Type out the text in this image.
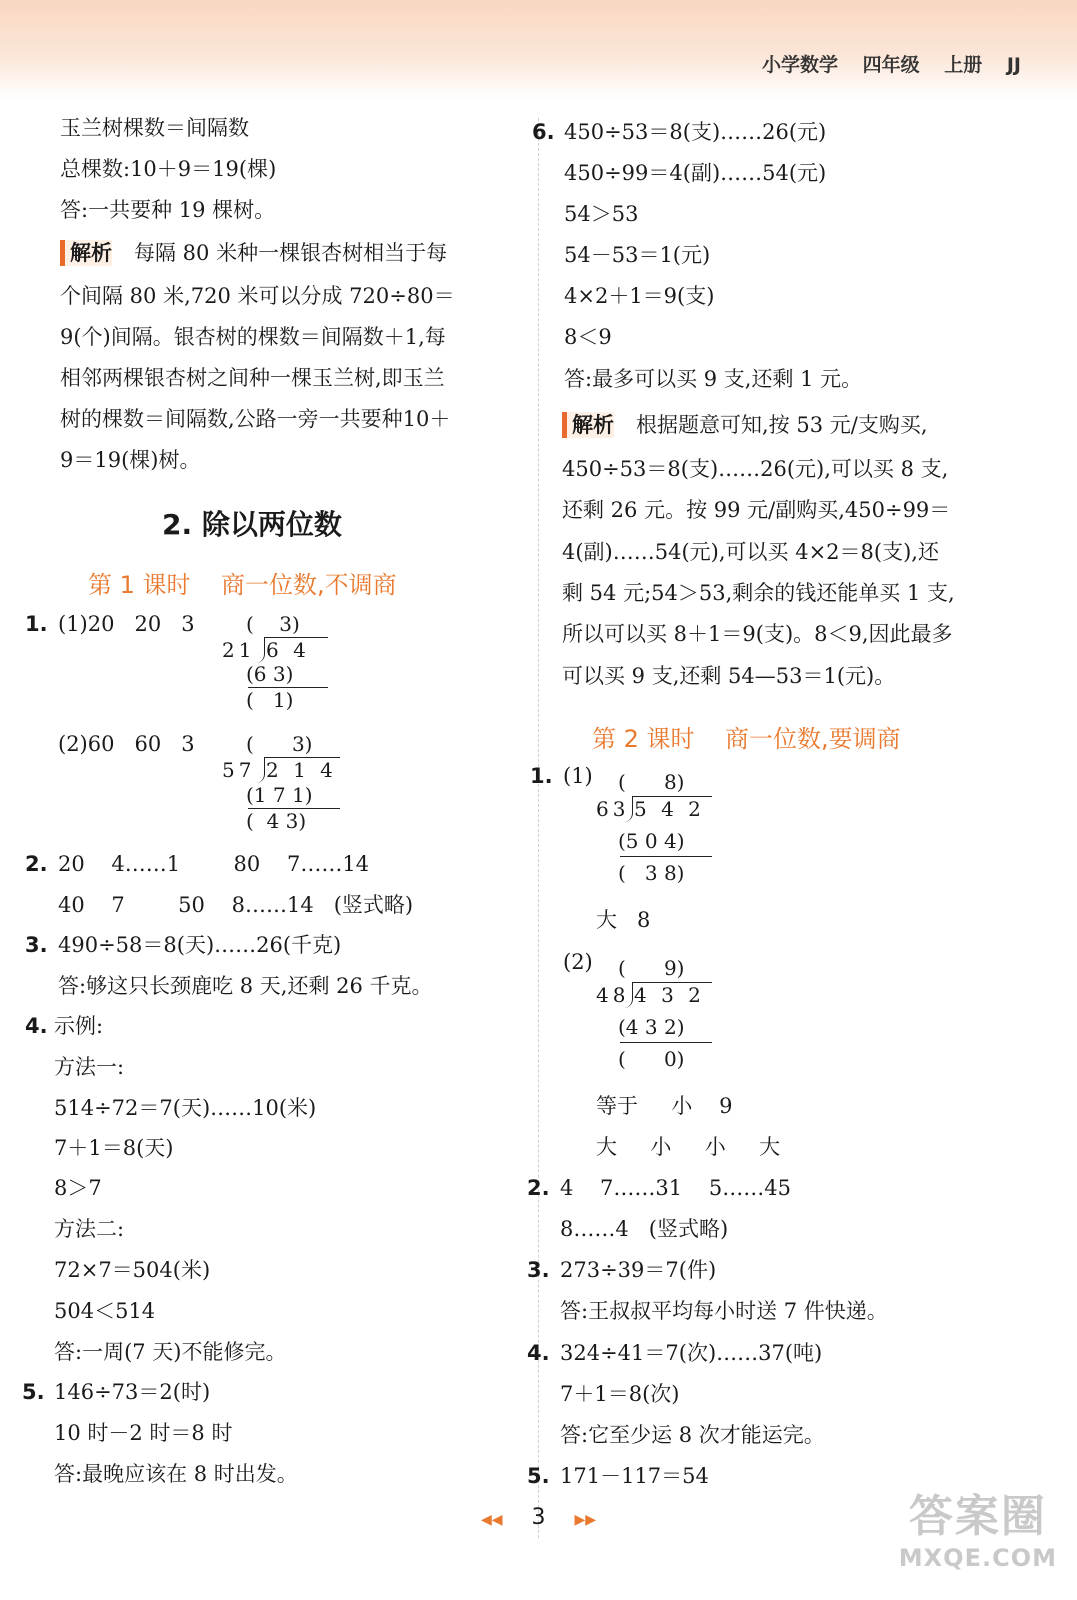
小学数学 四年级 上册 JJ
玉兰树棵数＝间隔数
总棵数:10＋9＝19(棵)
答:一共要种 19 棵树。
解析 每隔 80 米种一棵银杏树相当于每
个间隔 80 米,720 米可以分成 720÷80＝
9(个)间隔。银杏树的棵数＝间隔数＋1,每
相邻两棵银杏树之间种一棵玉兰树,即玉兰
树的棵数＝间隔数,公路一旁一共要种10＋
9＝19(棵)树。
2. 除以两位数
第 1 课时    商一位数,不调商
1. (1)20   20   3	(    3)
21 6 4
(6 3)
(   1)
(2)60   60   3	(      3)
57 2 1 4
(1 7 1)
(  4 3)
2. 20    4……1        80    7……14
40    7        50    8……14   (竖式略)
3. 490÷58＝8(天)……26(千克)
答:够这只长颈鹿吃 8 天,还剩 26 千克。
4. 示例:
方法一:
514÷72＝7(天)……10(米)
7＋1＝8(天)
8＞7
方法二:
72×7＝504(米)
504＜514
答:一周(7 天)不能修完。
5. 146÷73＝2(时)
10 时－2 时＝8 时
答:最晚应该在 8 时出发。
6. 450÷53＝8(支)……26(元)
450÷99＝4(副)……54(元)
54＞53
54－53＝1(元)
4×2＋1＝9(支)
8＜9
答:最多可以买 9 支,还剩 1 元。
解析 根据题意可知,按 53 元/支购买,
450÷53＝8(支)……26(元),可以买 8 支,
还剩 26 元。按 99 元/副购买,450÷99＝
4(副)……54(元),可以买 4×2＝8(支),还
剩 54 元;54＞53,剩余的钱还能单买 1 支,
所以可以买 8＋1＝9(支)。8＜9,因此最多
可以买 9 支,还剩 54—53＝1(元)。
第 2 课时    商一位数,要调商
1. (1) (      8)
63 5 4 2
(5 0 4)
(   3 8)
大   8
(2) (      9)
48 4 3 2
(4 3 2)
(      0)
等于     小    9
大     小     小     大
2. 4    7……31    5……45
8……4   (竖式略)
3. 273÷39＝7(件)
答:王叔叔平均每小时送 7 件快递。
4. 324÷41＝7(次)……37(吨)
7＋1＝8(次)
答:它至少运 8 次才能运完。
5. 171－117＝54
◀◀ 3 ▶▶	答案圈
MXQE.COM
